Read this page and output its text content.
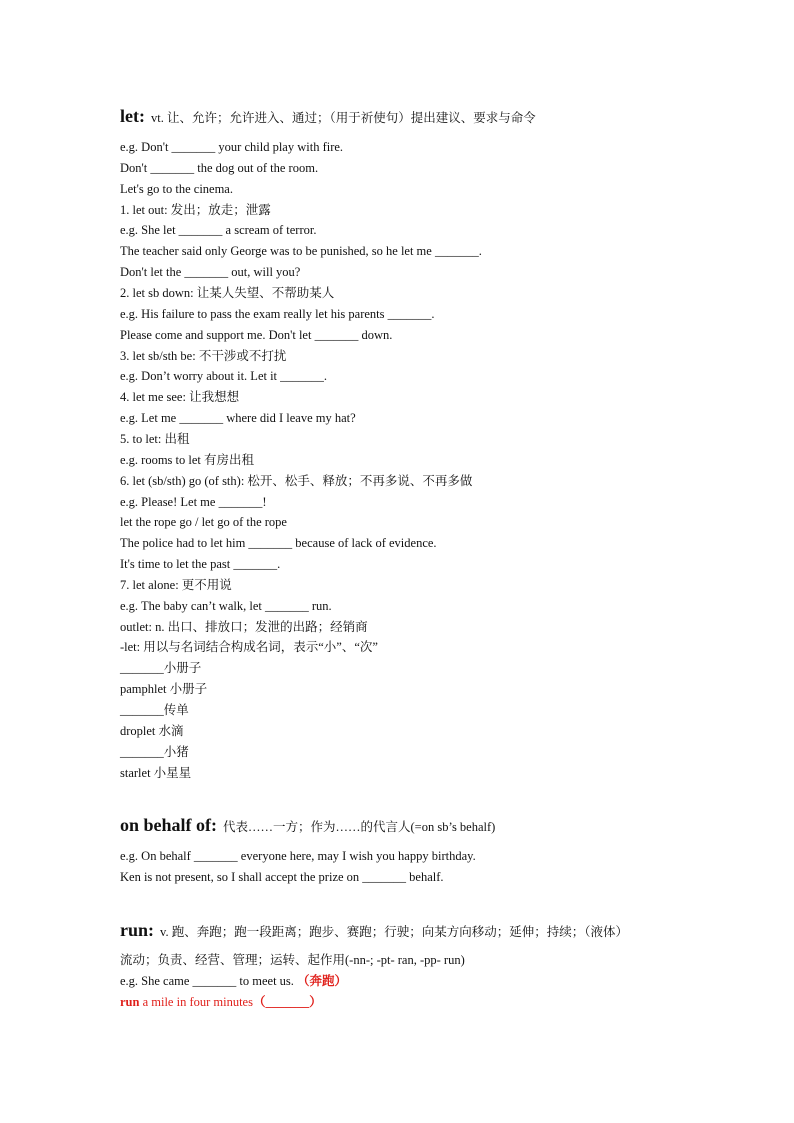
let: vt. 让、允许；允许进入、通过；（用于祈使句）提出建议、要求与命令
e.g. Don't _______ your child play with fire.
Don't _______ the dog out of the room.
Let's go to the cinema.
1. let out: 发出；放走；泄露
e.g. She let _______ a scream of terror.
The teacher said only George was to be punished, so he let me _______.
Don't let the _______ out, will you?
2. let sb down: 让某人失望、不帮助某人
e.g. His failure to pass the exam really let his parents _______.
Please come and support me. Don't let _______ down.
3. let sb/sth be: 不干涉或不打扰
e.g. Don’t worry about it. Let it _______.
4. let me see: 让我想想
e.g. Let me _______ where did I leave my hat?
5. to let: 出租
e.g. rooms to let 有房出租
6. let (sb/sth) go (of sth): 松开、松手、释放；不再多说、不再多做
e.g. Please! Let me _______!
let the rope go / let go of the rope
The police had to let him _______ because of lack of evidence.
It's time to let the past _______.
7. let alone: 更不用说
e.g. The baby can’t walk, let _______ run.
outlet: n. 出口、排放口；发泄的出路；经销商
-let: 用以与名词结合构成名词，表示“小”、“次”
_______小册子
pamphlet 小册子
_______传单
droplet 水滴
_______小猪
starlet 小星星
on behalf of: 代表……一方；作为……的代言人(=on sb’s behalf)
e.g. On behalf _______ everyone here, may I wish you happy birthday.
Ken is not present, so I shall accept the prize on _______ behalf.
run: v. 跑、奔跑；跑一段距离；跑步、赛跑；行驶；向某方向移动；延伸；持续；（液体）
流动；负责、经营、管理；运转、起作用(-nn-; -pt- ran, -pp- run)
e.g. She came _______ to meet us. （奔跑）
run a mile in four minutes（_______）
